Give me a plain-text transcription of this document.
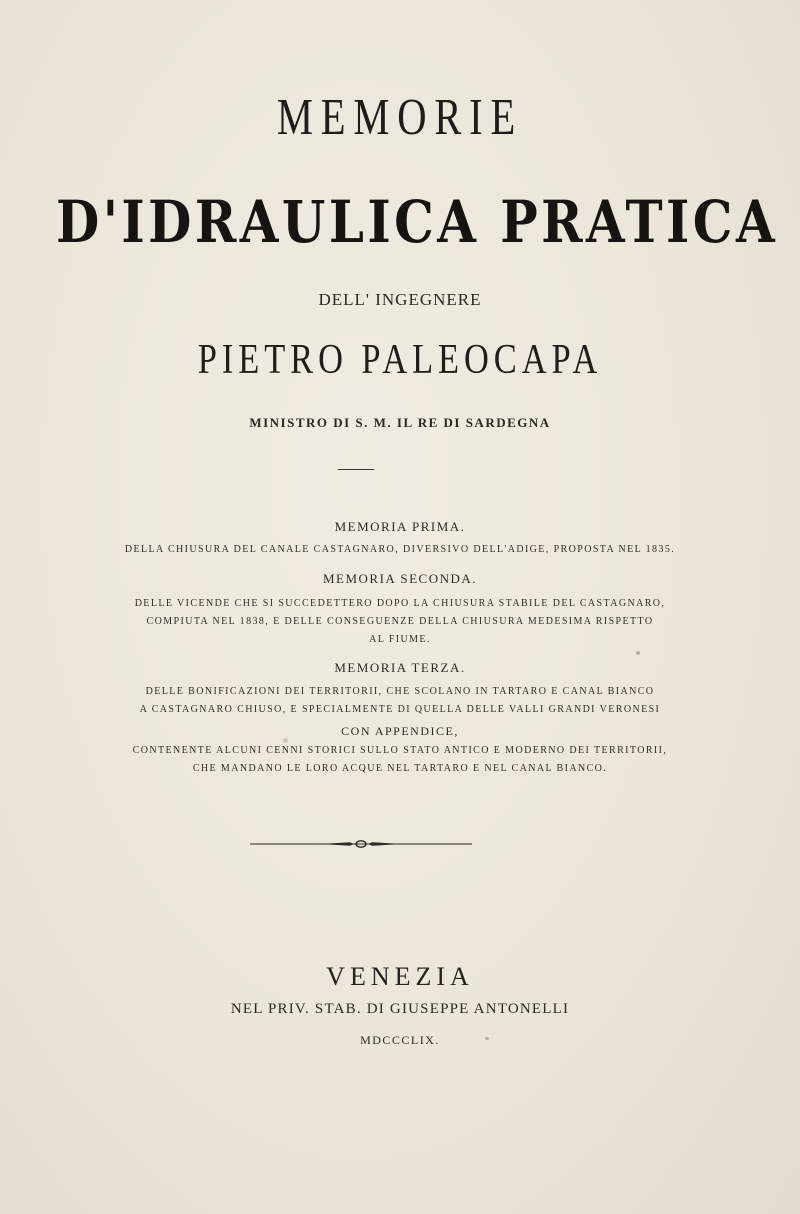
MEMORIE
D'IDRAULICA PRATICA
DELL' INGEGNERE
PIETRO PALEOCAPA
MINISTRO DI S. M. IL RE DI SARDEGNA
MEMORIA PRIMA.
DELLA CHIUSURA DEL CANALE CASTAGNARO, DIVERSIVO DELL'ADIGE, PROPOSTA NEL 1835.
MEMORIA SECONDA.
DELLE VICENDE CHE SI SUCCEDETTERO DOPO LA CHIUSURA STABILE DEL CASTAGNARO,
COMPIUTA NEL 1838, E DELLE CONSEGUENZE DELLA CHIUSURA MEDESIMA RISPETTO
AL FIUME.
MEMORIA TERZA.
DELLE BONIFICAZIONI DEI TERRITORII, CHE SCOLANO IN TARTARO E CANAL BIANCO
A CASTAGNARO CHIUSO, E SPECIALMENTE DI QUELLA DELLE VALLI GRANDI VERONESI
CON APPENDICE,
CONTENENTE ALCUNI CENNI STORICI SULLO STATO ANTICO E MODERNO DEI TERRITORII,
CHE MANDANO LE LORO ACQUE NEL TARTARO E NEL CANAL BIANCO.
VENEZIA
NEL PRIV. STAB. DI GIUSEPPE ANTONELLI
MDCCCLIX.
